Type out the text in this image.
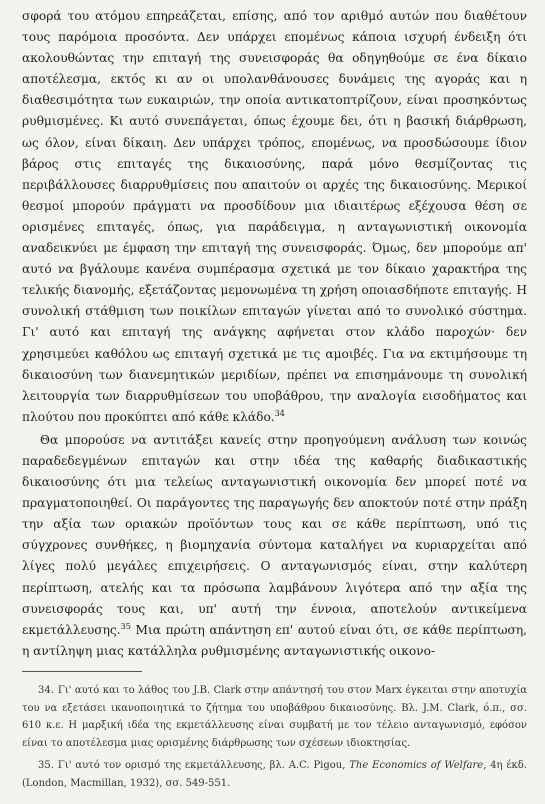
σφορά του ατόμου επηρεάζεται, επίσης, από τον αριθμό αυτών που διαθέτουν τους παρόμοια προσόντα. Δεν υπάρχει επομένως κάποια ισχυρή ένδειξη ότι ακολουθώντας την επιταγή της συνεισφοράς θα οδηγηθούμε σε ένα δίκαιο αποτέλεσμα, εκτός κι αν οι υπολανθάνουσες δυνάμεις της αγοράς και η διαθεσιμότητα των ευκαιριών, την οποία αντικατοπτρίζουν, είναι προσηκόντως ρυθμισμένες. Κι αυτό συνεπάγεται, όπως έχουμε δει, ότι η βασική διάρθρωση, ως όλον, είναι δίκαιη. Δεν υπάρχει τρόπος, επομένως, να προσδώσουμε ίδιον βάρος στις επιταγές της δικαιοσύνης, παρά μόνο θεσμίζοντας τις περιβάλλουσες διαρρυθμίσεις που απαιτούν οι αρχές της δικαιοσύνης. Μερικοί θεσμοί μπορούν πράγματι να προσδίδουν μια ιδιαιτέρως εξέχουσα θέση σε ορισμένες επιταγές, όπως, για παράδειγμα, η ανταγωνιστική οικονομία αναδεικνύει με έμφαση την επιταγή της συνεισφοράς. Όμως, δεν μπορούμε απ' αυτό να βγάλουμε κανένα συμπέρασμα σχετικά με τον δίκαιο χαρακτήρα της τελικής διανομής, εξετάζοντας μεμονωμένα τη χρήση οποιασδήποτε επιταγής. Η συνολική στάθμιση των ποικίλων επιταγών γίνεται από το συνολικό σύστημα. Γι' αυτό και επιταγή της ανάγκης αφήνεται στον κλάδο παροχών· δεν χρησιμεύει καθόλου ως επιταγή σχετικά με τις αμοιβές. Για να εκτιμήσουμε τη δικαιοσύνη των διανεμητικών μεριδίων, πρέπει να επισημάνουμε τη συνολική λειτουργία των διαρρυθμίσεων του υποβάθρου, την αναλογία εισοδήματος και πλούτου που προκύπτει από κάθε κλάδο.$^{34}$

Θα μπορούσε να αντιτάξει κανείς στην προηγούμενη ανάλυση των κοινώς παραδεδεγμένων επιταγών και στην ιδέα της καθαρής διαδικαστικής δικαιοσύνης ότι μια τελείως ανταγωνιστική οικονομία δεν μπορεί ποτέ να πραγματοποιηθεί. Οι παράγοντες της παραγωγής δεν αποκτούν ποτέ στην πράξη την αξία των οριακών προϊόντων τους και σε κάθε περίπτωση, υπό τις σύγχρονες συνθήκες, η βιομηχανία σύντομα καταλήγει να κυριαρχείται από λίγες πολύ μεγάλες επιχειρήσεις. Ο ανταγωνισμός είναι, στην καλύτερη περίπτωση, ατελής και τα πρόσωπα λαμβάνουν λιγότερα από την αξία της συνεισφοράς τους και, υπ' αυτή την έννοια, αποτελούν αντικείμενα εκμετάλλευσης.$^{35}$ Μια πρώτη απάντηση επ' αυτού είναι ότι, σε κάθε περίπτωση, η αντίληψη μιας κατάλληλα ρυθμισμένης ανταγωνιστικής οικονο-

34. Γι' αυτό και το λάθος του J.B. Clark στην απάντησή του στον Marx έγκειται στην αποτυχία του να εξετάσει ικανοποιητικά το ζήτημα του υποβάθρου δικαιοσύνης. Βλ. J.M. Clark, ό.π., σσ. 610 κ.ε. Η μαρξική ιδέα της εκμετάλλευσης είναι συμβατή με τον τέλειο ανταγωνισμό, εφόσον είναι το αποτέλεσμα μιας ορισμένης διάρθρωσης των σχέσεων ιδιοκτησίας.

35. Γι' αυτό τον ορισμό της εκμετάλλευσης, βλ. A.C. Pigou, The Economics of Welfare, 4η έκδ. (London, Macmillan, 1932), σσ. 549-551.
